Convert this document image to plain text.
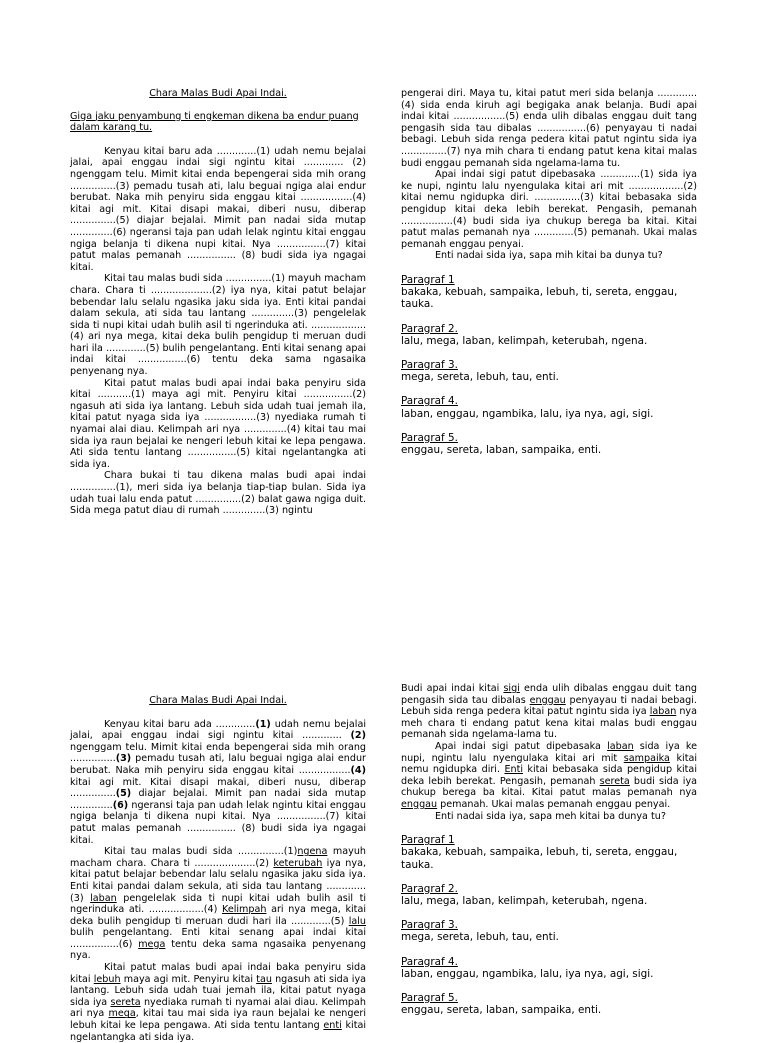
Chara Malas Budi Apai Indai.

Giga jaku penyambung ti engkeman dikena ba endur puang dalam karang tu.

Kenyau kitai baru ada .............(1) udah nemu bejalai jalai, apai enggau indai sigi ngintu kitai ............. (2) ngenggam telu. Mimit kitai enda bepengerai sida mih orang ...............(3) pemadu tusah ati, lalu beguai ngiga alai endur berubat. Naka mih penyiru sida enggau kitai .................(4) kitai agi mit. Kitai disapi makai, diberi nusu, diberap ...............(5) diajar bejalai. Mimit pan nadai sida mutap ..............(6) ngeransi taja pan udah lelak ngintu kitai enggau ngiga belanja ti dikena nupi kitai. Nya ................(7) kitai patut malas pemanah ................ (8) budi sida iya ngagai kitai.

Kitai tau malas budi sida ...............(1) mayuh macham chara. Chara ti ....................(2) iya nya, kitai patut belajar bebendar lalu selalu ngasika jaku sida iya. Enti kitai pandai dalam sekula, ati sida tau lantang ..............(3) pengelelak sida ti nupi kitai udah bulih asil ti ngerinduka ati. ..................(4) ari nya mega, kitai deka bulih pengidup ti meruan dudi hari ila .............(5) bulih pengelantang. Enti kitai senang apai indai kitai ................(6) tentu deka sama ngasaika penyenang nya.

Kitai patut malas budi apai indai baka penyiru sida kitai ...........(1) maya agi mit. Penyiru kitai ................(2) ngasuh ati sida iya lantang. Lebuh sida udah tuai jemah ila, kitai patut nyaga sida iya .................(3) nyediaka rumah ti nyamai alai diau. Kelimpah ari nya ..............(4) kitai tau mai sida iya raun bejalai ke nengeri lebuh kitai ke lepa pengawa. Ati sida tentu lantang ................(5) kitai ngelantangka ati sida iya.

Chara bukai ti tau dikena malas budi apai indai ...............(1), meri sida iya belanja tiap-tiap bulan. Sida iya udah tuai lalu enda patut ...............(2) balat gawa ngiga duit. Sida mega patut diau di rumah ..............(3) ngintu

pengerai diri. Maya tu, kitai patut meri sida belanja .............(4) sida enda kiruh agi begigaka anak belanja. Budi apai indai kitai .................(5) enda ulih dibalas enggau duit tang pengasih sida tau dibalas ................(6) penyayau ti nadai bebagi. Lebuh sida renga pedera kitai patut ngintu sida iya ...............(7) nya mih chara ti endang patut kena kitai malas budi enggau pemanah sida ngelama-lama tu.

Apai indai sigi patut dipebasaka .............(1) sida iya ke nupi, ngintu lalu nyengulaka kitai ari mit ..................(2) kitai nemu ngidupka diri. ...............(3) kitai bebasaka sida pengidup kitai deka lebih berekat. Pengasih, pemanah .................(4) budi sida iya chukup berega ba kitai. Kitai patut malas pemanah nya .............(5) pemanah. Ukai malas pemanah enggau penyai.

Enti nadai sida iya, sapa mih kitai ba dunya tu?

Paragraf 1

bakaka, kebuah, sampaika, lebuh, ti, sereta, enggau, tauka.

Paragraf 2.

lalu, mega, laban, kelimpah, keterubah, ngena.

Paragraf 3.

mega, sereta, lebuh, tau, enti.

Paragraf 4.

laban, enggau, ngambika, lalu, iya nya, agi, sigi.

Paragraf 5.

enggau, sereta, laban, sampaika, enti.

Chara Malas Budi Apai Indai.

Kenyau kitai baru ada .............(1) udah nemu bejalai jalai, apai enggau indai sigi ngintu kitai ............. (2) ngenggam telu. Mimit kitai enda bepengerai sida mih orang ...............(3) pemadu tusah ati, lalu beguai ngiga alai endur berubat. Naka mih penyiru sida enggau kitai .................(4) kitai agi mit. Kitai disapi makai, diberi nusu, diberap ...............(5) diajar bejalai. Mimit pan nadai sida mutap ..............(6) ngeransi taja pan udah lelak ngintu kitai enggau ngiga belanja ti dikena nupi kitai. Nya ................(7) kitai patut malas pemanah ................ (8) budi sida iya ngagai kitai.

Kitai tau malas budi sida ...............(1)ngena mayuh macham chara. Chara ti ....................(2) keterubah iya nya, kitai patut belajar bebendar lalu selalu ngasika jaku sida iya. Enti kitai pandai dalam sekula, ati sida tau lantang .............(3) laban pengelelak sida ti nupi kitai udah bulih asil ti ngerinduka ati. ..................(4) Kelimpah ari nya mega, kitai deka bulih pengidup ti meruan dudi hari ila .............(5) lalu bulih pengelantang. Enti kitai senang apai indai kitai ................(6) mega tentu deka sama ngasaika penyenang nya.

Kitai patut malas budi apai indai baka penyiru sida kitai lebuh maya agi mit. Penyiru kitai tau ngasuh ati sida iya lantang. Lebuh sida udah tuai jemah ila, kitai patut nyaga sida iya sereta nyediaka rumah ti nyamai alai diau. Kelimpah ari nya mega, kitai tau mai sida iya raun bejalai ke nengeri lebuh kitai ke lepa pengawa. Ati sida tentu lantang enti kitai ngelantangka ati sida iya.

Budi apai indai kitai sigi enda ulih dibalas enggau duit tang pengasih sida tau dibalas enggau penyayau ti nadai bebagi. Lebuh sida renga pedera kitai patut ngintu sida iya laban nya meh chara ti endang patut kena kitai malas budi enggau pemanah sida ngelama-lama tu.

Apai indai sigi patut dipebasaka laban sida iya ke nupi, ngintu lalu nyengulaka kitai ari mit sampaika kitai nemu ngidupka diri. Enti kitai bebasaka sida pengidup kitai deka lebih berekat. Pengasih, pemanah sereta budi sida iya chukup berega ba kitai. Kitai patut malas pemanah nya enggau pemanah. Ukai malas pemanah enggau penyai.

Enti nadai sida iya, sapa meh kitai ba dunya tu?

Paragraf 1

bakaka, kebuah, sampaika, lebuh, ti, sereta, enggau, tauka.

Paragraf 2.

lalu, mega, laban, kelimpah, keterubah, ngena.

Paragraf 3.

mega, sereta, lebuh, tau, enti.

Paragraf 4.

laban, enggau, ngambika, lalu, iya nya, agi, sigi.

Paragraf 5.

enggau, sereta, laban, sampaika, enti.
